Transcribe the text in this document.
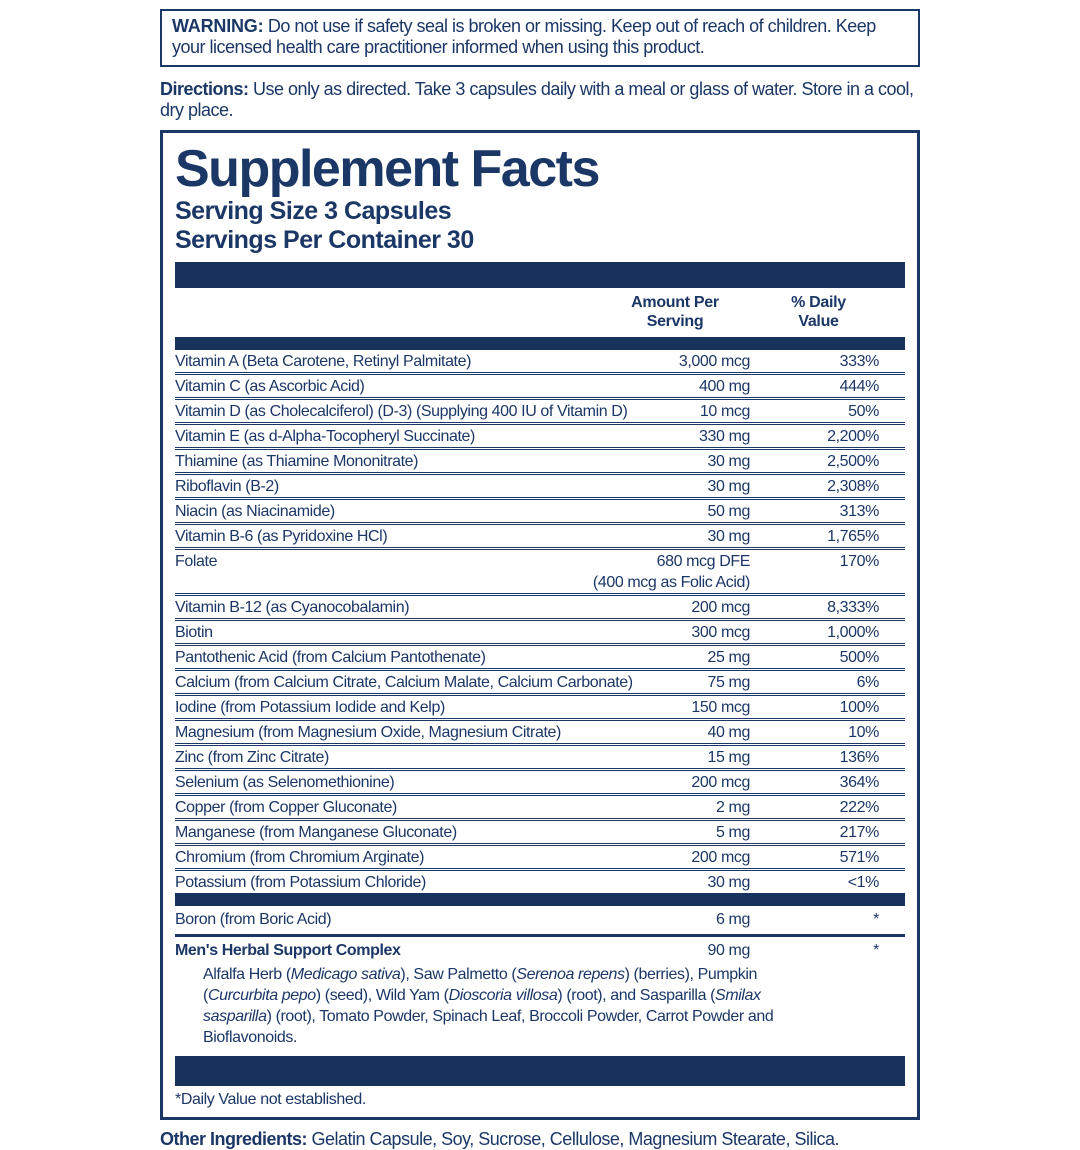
WARNING: Do not use if safety seal is broken or missing. Keep out of reach of children. Keep your licensed health care practitioner informed when using this product.
Directions: Use only as directed. Take 3 capsules daily with a meal or glass of water. Store in a cool, dry place.
Supplement Facts
Serving Size 3 Capsules
Servings Per Container 30
Amount Per Serving
% Daily Value
Vitamin A (Beta Carotene, Retinyl Palmitate)	3,000 mcg	333%
Vitamin C (as Ascorbic Acid)	400 mg	444%
Vitamin D (as Cholecalciferol) (D-3) (Supplying 400 IU of Vitamin D)	10 mcg	50%
Vitamin E (as d-Alpha-Tocopheryl Succinate)	330 mg	2,200%
Thiamine (as Thiamine Mononitrate)	30 mg	2,500%
Riboflavin (B-2)	30 mg	2,308%
Niacin (as Niacinamide)	50 mg	313%
Vitamin B-6 (as Pyridoxine HCl)	30 mg	1,765%
Folate	680 mcg DFE	170%
(400 mcg as Folic Acid)
Vitamin B-12 (as Cyanocobalamin)	200 mcg	8,333%
Biotin	300 mcg	1,000%
Pantothenic Acid (from Calcium Pantothenate)	25 mg	500%
Calcium (from Calcium Citrate, Calcium Malate, Calcium Carbonate)	75 mg	6%
Iodine (from Potassium Iodide and Kelp)	150 mcg	100%
Magnesium (from Magnesium Oxide, Magnesium Citrate)	40 mg	10%
Zinc (from Zinc Citrate)	15 mg	136%
Selenium (as Selenomethionine)	200 mcg	364%
Copper (from Copper Gluconate)	2 mg	222%
Manganese (from Manganese Gluconate)	5 mg	217%
Chromium (from Chromium Arginate)	200 mcg	571%
Potassium (from Potassium Chloride)	30 mg	<1%
Boron (from Boric Acid)	6 mg	*
Men's Herbal Support Complex	90 mg	*
Alfalfa Herb (Medicago sativa), Saw Palmetto (Serenoa repens) (berries), Pumpkin (Curcurbita pepo) (seed), Wild Yam (Dioscoria villosa) (root), and Sasparilla (Smilax sasparilla) (root), Tomato Powder, Spinach Leaf, Broccoli Powder, Carrot Powder and Bioflavonoids.
*Daily Value not established.
Other Ingredients: Gelatin Capsule, Soy, Sucrose, Cellulose, Magnesium Stearate, Silica.
